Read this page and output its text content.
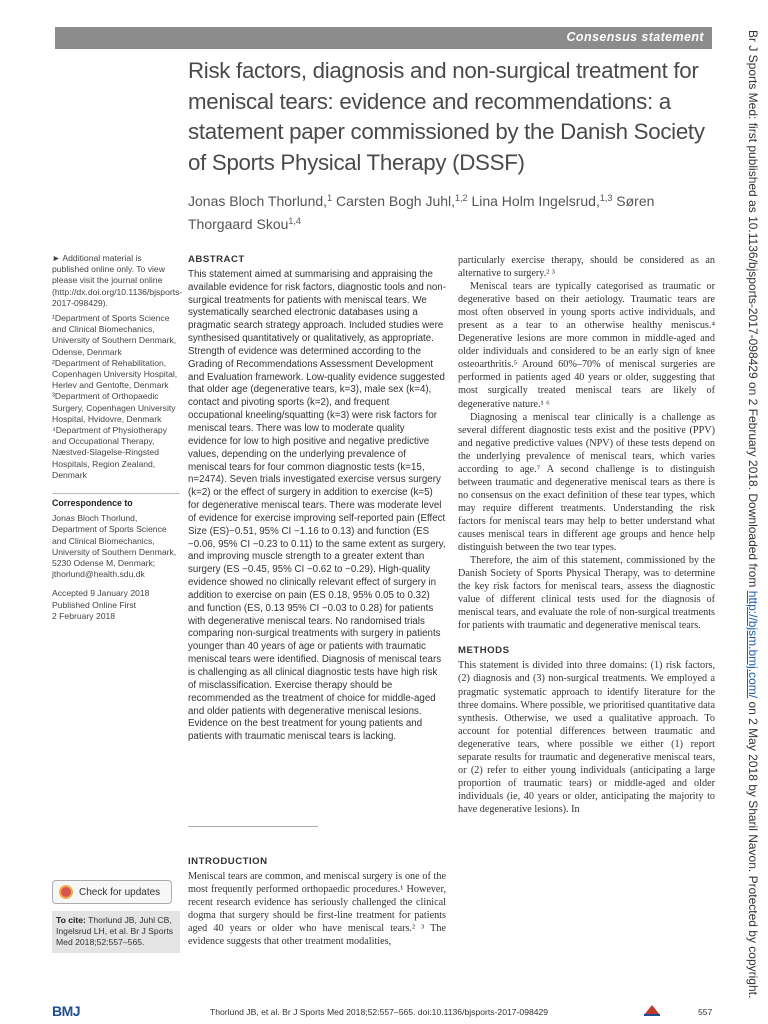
Consensus statement
Risk factors, diagnosis and non-surgical treatment for meniscal tears: evidence and recommendations: a statement paper commissioned by the Danish Society of Sports Physical Therapy (DSSF)
Jonas Bloch Thorlund,$^1$ Carsten Bogh Juhl,$^{1,2}$ Lina Holm Ingelsrud,$^{1,3}$ Søren Thorgaard Skou$^{1,4}$

► Additional material is published online only. To view please visit the journal online (http://dx.doi.org/10.1136/bjsports-2017-098429).

¹Department of Sports Science and Clinical Biomechanics, University of Southern Denmark, Odense, Denmark

²Department of Rehabilitation, Copenhagen University Hospital, Herlev and Gentofte, Denmark

³Department of Orthopaedic Surgery, Copenhagen University Hospital, Hvidovre, Denmark

⁴Department of Physiotherapy and Occupational Therapy, Næstved-Slagelse-Ringsted Hospitals, Region Zealand, Denmark

Correspondence to

Jonas Bloch Thorlund, Department of Sports Science and Clinical Biomechanics, University of Southern Denmark, 5230 Odense M, Denmark; jthorlund@health.sdu.dk

Accepted 9 January 2018

Published Online First

2 February 2018

ABSTRACT

This statement aimed at summarising and appraising the available evidence for risk factors, diagnostic tools and non-surgical treatments for patients with meniscal tears. We systematically searched electronic databases using a pragmatic search strategy approach. Included studies were synthesised quantitatively or qualitatively, as appropriate. Strength of evidence was determined according to the Grading of Recommendations Assessment Development and Evaluation framework. Low-quality evidence suggested that older age (degenerative tears, k=3), male sex (k=4), contact and pivoting sports (k=2), and frequent occupational kneeling/squatting (k=3) were risk factors for meniscal tears. There was low to moderate quality evidence for low to high positive and negative predictive values, depending on the underlying prevalence of meniscal tears for four common diagnostic tests (k=15, n=2474). Seven trials investigated exercise versus surgery (k=2) or the effect of surgery in addition to exercise (k=5) for degenerative meniscal tears. There was moderate level of evidence for exercise improving self-reported pain (Effect Size (ES)−0.51, 95% CI −1.16 to 0.13) and function (ES −0.06, 95% CI −0.23 to 0.11) to the same extent as surgery, and improving muscle strength to a greater extent than surgery (ES −0.45, 95% CI −0.62 to −0.29). High-quality evidence showed no clinically relevant effect of surgery in addition to exercise on pain (ES 0.18, 95% 0.05 to 0.32) and function (ES, 0.13 95% CI −0.03 to 0.28) for patients with degenerative meniscal tears. No randomised trials comparing non-surgical treatments with surgery in patients younger than 40 years of age or patients with traumatic meniscal tears were identified. Diagnosis of meniscal tears is challenging as all clinical diagnostic tests have high risk of misclassification. Exercise therapy should be recommended as the treatment of choice for middle-aged and older patients with degenerative meniscal lesions. Evidence on the best treatment for young patients and patients with traumatic meniscal tears is lacking.

INTRODUCTION

Meniscal tears are common, and meniscal surgery is one of the most frequently performed orthopaedic procedures.¹ However, recent research evidence has seriously challenged the clinical dogma that surgery should be first-line treatment for patients aged 40 years or older who have meniscal tears.² ³ The evidence suggests that other treatment modalities,

particularly exercise therapy, should be considered as an alternative to surgery.² ³

Meniscal tears are typically categorised as traumatic or degenerative based on their aetiology. Traumatic tears are most often observed in young sports active individuals, and present as a tear to an otherwise healthy meniscus.⁴ Degenerative lesions are more common in middle-aged and older individuals and considered to be an early sign of knee osteoarthritis.⁵ Around 60%–70% of meniscal surgeries are performed in patients aged 40 years or older, suggesting that most surgically treated meniscal tears are likely of degenerative nature.¹ ⁶

Diagnosing a meniscal tear clinically is a challenge as several different diagnostic tests exist and the positive (PPV) and negative predictive values (NPV) of these tests depend on the underlying prevalence of meniscal tears, which varies according to age.⁷ A second challenge is to distinguish between traumatic and degenerative meniscal tears as there is no consensus on the exact definition of these tear types, which may require different treatments. Understanding the risk factors for meniscal tears may help to better understand what causes meniscal tears in different age groups and hence help distinguish between the two tear types.

Therefore, the aim of this statement, commissioned by the Danish Society of Sports Physical Therapy, was to determine the key risk factors for meniscal tears, assess the diagnostic value of different clinical tests used for the diagnosis of meniscal tears, and evaluate the role of non-surgical treatments for patients with traumatic and degenerative meniscal tears.

METHODS

This statement is divided into three domains: (1) risk factors, (2) diagnosis and (3) non-surgical treatments. We employed a pragmatic systematic approach to identify literature for the three domains. Where possible, we prioritised quantitative data synthesis. Otherwise, we used a qualitative approach. To account for potential differences between traumatic and degenerative tears, where possible we either (1) report separate results for traumatic and degenerative meniscal tears, or (2) refer to either young individuals (anticipating a large proportion of traumatic tears) or middle-aged and older individuals (ie, 40 years or older, anticipating the majority to have degenerative lesions). In

Check for updates
To cite: Thorlund JB, Juhl CB, Ingelsrud LH, et al. Br J Sports Med 2018;52:557–565.
BMJ	Thorlund JB, et al. Br J Sports Med 2018;52:557–565. doi:10.1136/bjsports-2017-098429	557
Br J Sports Med: first published as 10.1136/bjsports-2017-098429 on 2 February 2018. Downloaded from http://bjsm.bmj.com/ on 2 May 2018 by Sharil Navon. Protected by copyright.
